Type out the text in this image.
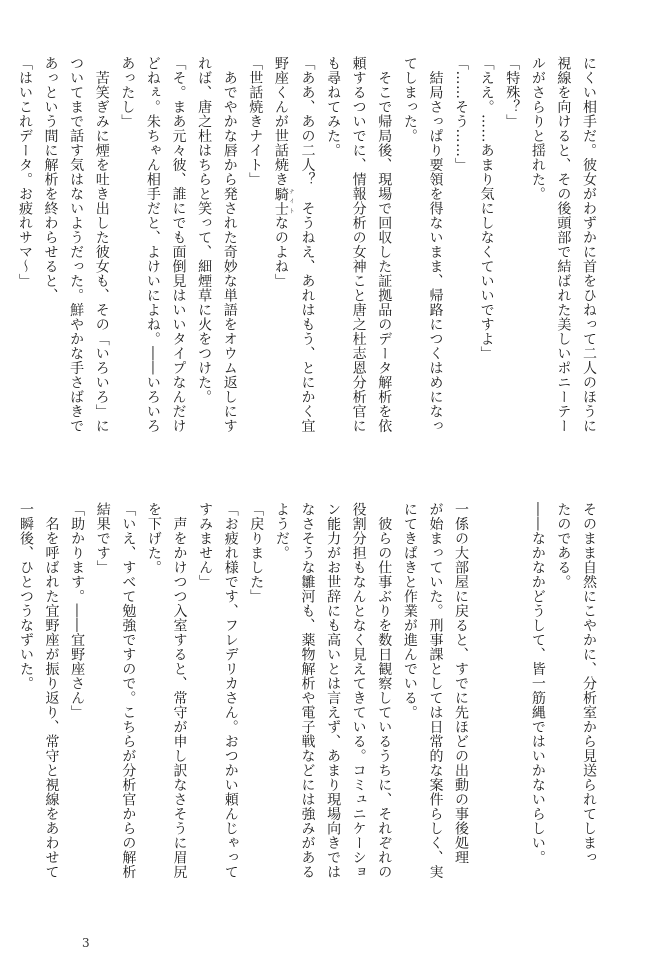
にくい相手だ。彼女がわずかに首をひねって二人のほうに

視線を向けると、その後頭部で結ばれた美しいポニーテー

ルがさらりと揺れた。

「特殊？」

「ええ。……あまり気にしなくていいですよ」

「……そう……」

　結局さっぱり要領を得ないまま、帰路につくはめになっ

てしまった。

　そこで帰局後、現場で回収した証拠品のデータ解析を依

頼するついでに、情報分析の女神こと唐之杜志恩分析官に

も尋ねてみた。

「ああ、あの二人？　そうねえ、あれはもう、とにかく宜

野座くんが世話焼き騎士 ナイトなのよね」

「世話焼きナイト」

　あでやかな唇から発された奇妙な単語をオウム返しにす

れば、唐之杜はちらと笑って、細煙草に火をつけた。

「そ。まあ元々彼、誰にでも面倒見はいいタイプなんだけ

どねぇ。朱ちゃん相手だと、よけいによね。――いろいろ

あったし」

　苦笑ぎみに煙を吐き出した彼女も、その「いろいろ」に

ついてまで話す気はないようだった。鮮やかな手さばきで

あっという間に解析を終わらせると、

「はいこれデータ。お疲れサマ～」

そのまま自然にこやかに、分析室から見送られてしまっ

たのである。

――なかなかどうして、皆一筋縄ではいかないらしい。

一係の大部屋に戻ると、すでに先ほどの出動の事後処理

が始まっていた。刑事課としては日常的な案件らしく、実

にてきぱきと作業が進んでいる。

　彼らの仕事ぶりを数日観察しているうちに、それぞれの

役割分担もなんとなく見えてきている。コミュニケーショ

ン能力がお世辞にも高いとは言えず、あまり現場向きでは

なさそうな雛河も、薬物解析や電子戦などには強みがある

ようだ。

「戻りました」

「お疲れ様です、フレデリカさん。おつかい頼んじゃって

すみません」

　声をかけつつ入室すると、常守が申し訳なさそうに眉尻

を下げた。

「いえ、すべて勉強ですので。こちらが分析官からの解析

結果です」

「助かります。――宜野座さん」

　名を呼ばれた宜野座が振り返り、常守と視線をあわせて

一瞬後、ひとつうなずいた。

3
